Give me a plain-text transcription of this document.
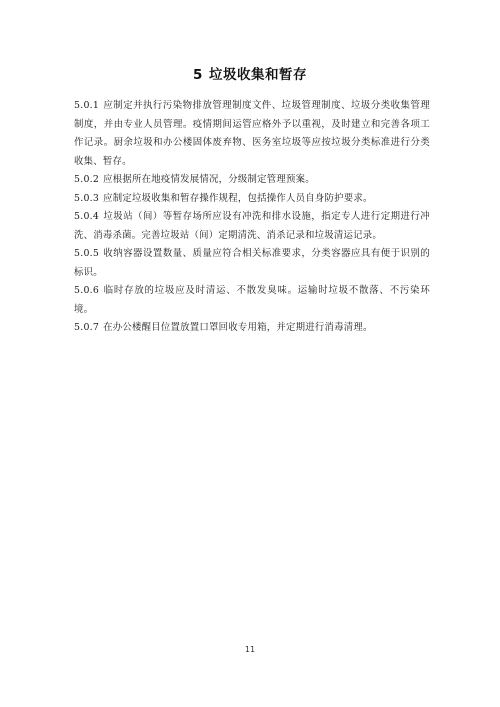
5 垃圾收集和暂存

5.0.1 应制定并执行污染物排放管理制度文件、垃圾管理制度、垃圾分类收集管理制度，并由专业人员管理。疫情期间运管应格外予以重视，及时建立和完善各项工作记录。厨余垃圾和办公楼固体废弃物、医务室垃圾等应按垃圾分类标准进行分类收集、暂存。

5.0.2 应根据所在地疫情发展情况，分级制定管理预案。

5.0.3 应制定垃圾收集和暂存操作规程，包括操作人员自身防护要求。

5.0.4 垃圾站（间）等暂存场所应设有冲洗和排水设施，指定专人进行定期进行冲洗、消毒杀菌。完善垃圾站（间）定期清洗、消杀记录和垃圾清运记录。

5.0.5 收纳容器设置数量、质量应符合相关标准要求，分类容器应具有便于识别的标识。

5.0.6 临时存放的垃圾应及时清运、不散发臭味。运输时垃圾不散落、不污染环境。

5.0.7 在办公楼醒目位置放置口罩回收专用箱，并定期进行消毒清理。

11
